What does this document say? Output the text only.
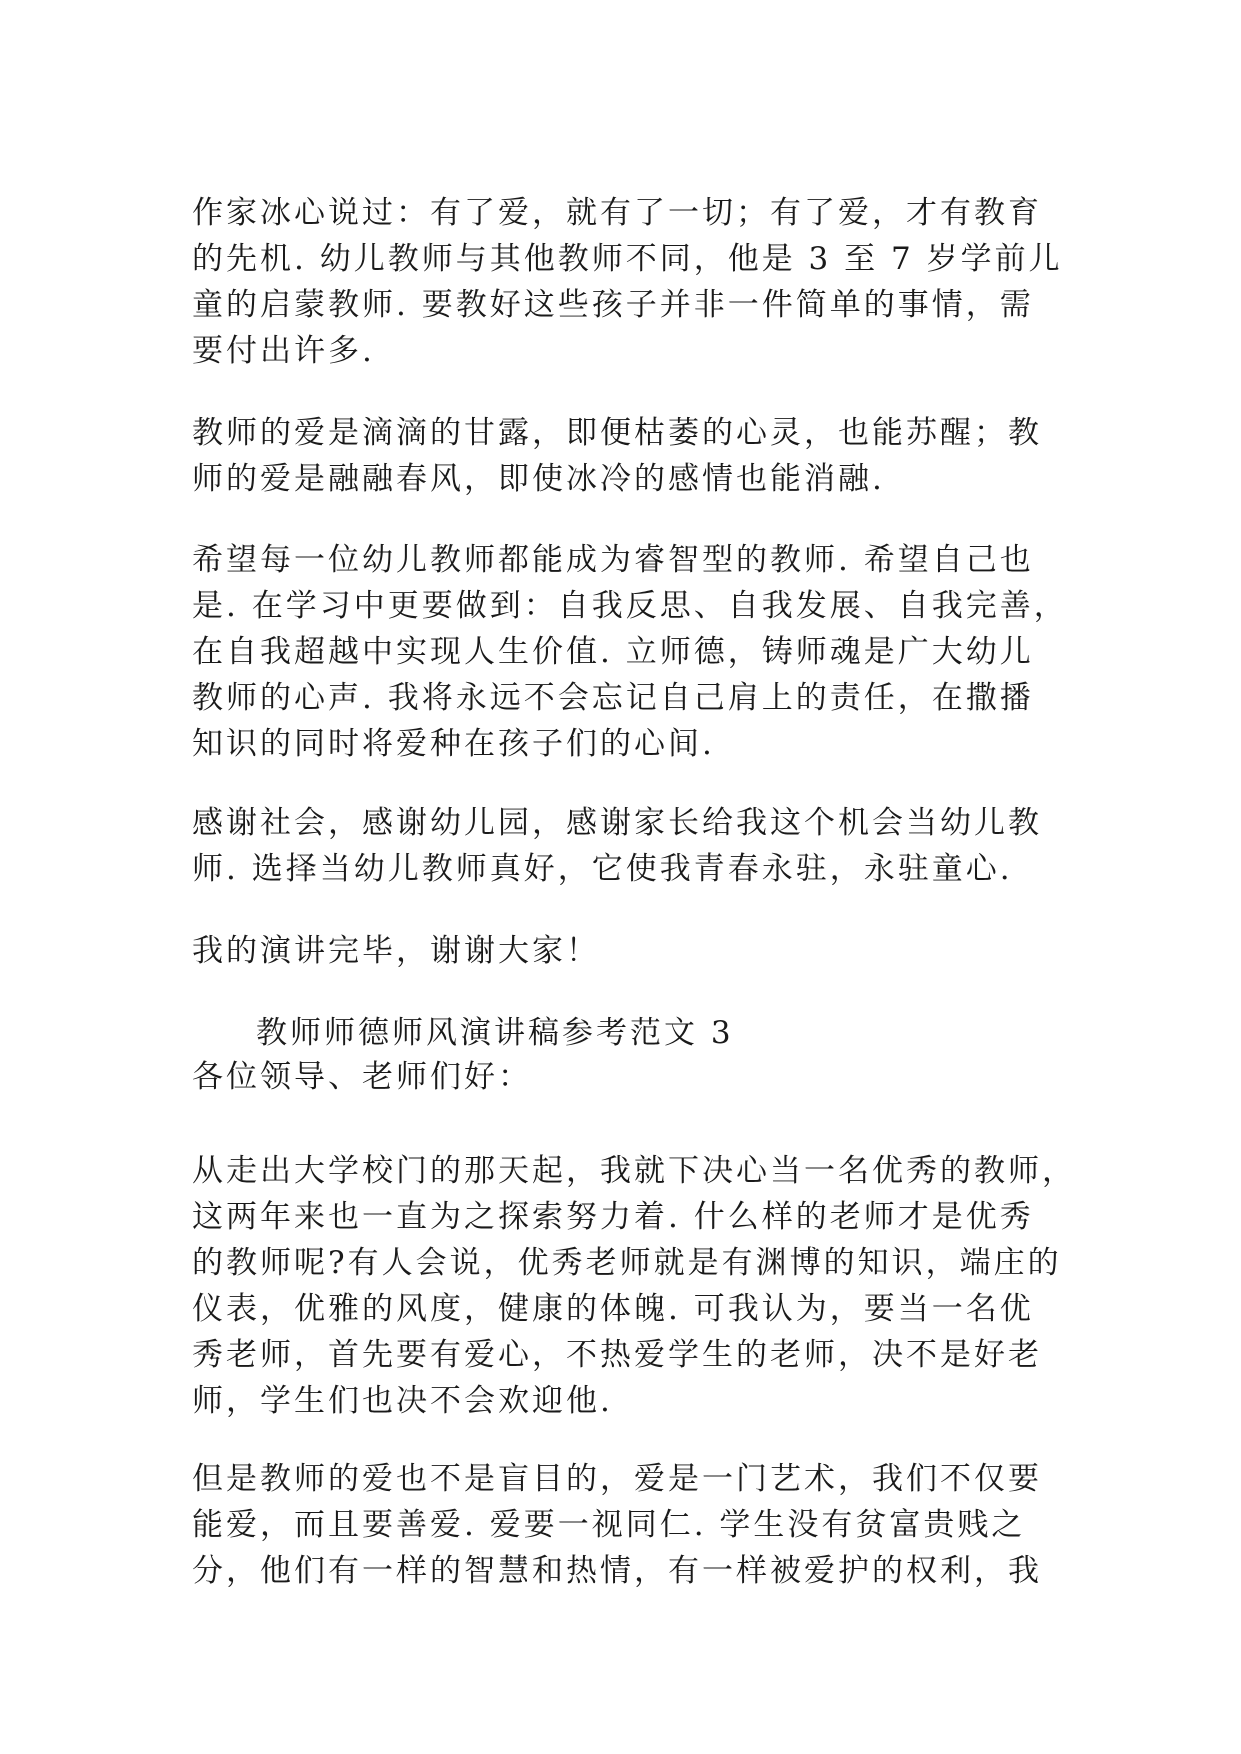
作家冰心说过：有了爱，就有了一切；有了爱，才有教育
的先机. 幼儿教师与其他教师不同，他是 3 至 7 岁学前儿
童的启蒙教师. 要教好这些孩子并非一件简单的事情，需
要付出许多.
教师的爱是滴滴的甘露，即便枯萎的心灵，也能苏醒；教
师的爱是融融春风，即使冰冷的感情也能消融.
希望每一位幼儿教师都能成为睿智型的教师. 希望自己也
是. 在学习中更要做到：自我反思、自我发展、自我完善，
在自我超越中实现人生价值. 立师德，铸师魂是广大幼儿
教师的心声. 我将永远不会忘记自己肩上的责任，在撒播
知识的同时将爱种在孩子们的心间.
感谢社会，感谢幼儿园，感谢家长给我这个机会当幼儿教
师. 选择当幼儿教师真好，它使我青春永驻，永驻童心.
我的演讲完毕，谢谢大家！
教师师德师风演讲稿参考范文 3
各位领导、老师们好：
从走出大学校门的那天起，我就下决心当一名优秀的教师，
这两年来也一直为之探索努力着. 什么样的老师才是优秀
的教师呢?有人会说，优秀老师就是有渊博的知识，端庄的
仪表，优雅的风度，健康的体魄. 可我认为，要当一名优
秀老师，首先要有爱心，不热爱学生的老师，决不是好老
师，学生们也决不会欢迎他.
但是教师的爱也不是盲目的，爱是一门艺术，我们不仅要
能爱，而且要善爱. 爱要一视同仁. 学生没有贫富贵贱之
分，他们有一样的智慧和热情，有一样被爱护的权利，我
